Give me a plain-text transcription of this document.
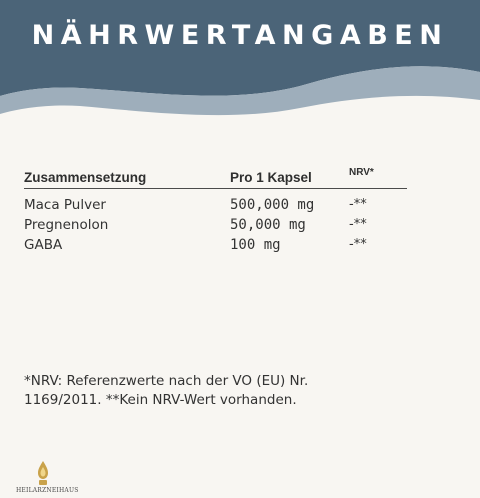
NÄHRWERTANGABEN
Zusammensetzung	Pro 1 Kapsel	NRV*
Maca Pulver	500,000 mg	-**
Pregnenolon	50,000 mg	-**
GABA	100 mg	-**
*NRV: Referenzwerte nach der VO (EU) Nr. 1169/2011. **Kein NRV-Wert vorhanden.
HEILARZNEIHAUS
